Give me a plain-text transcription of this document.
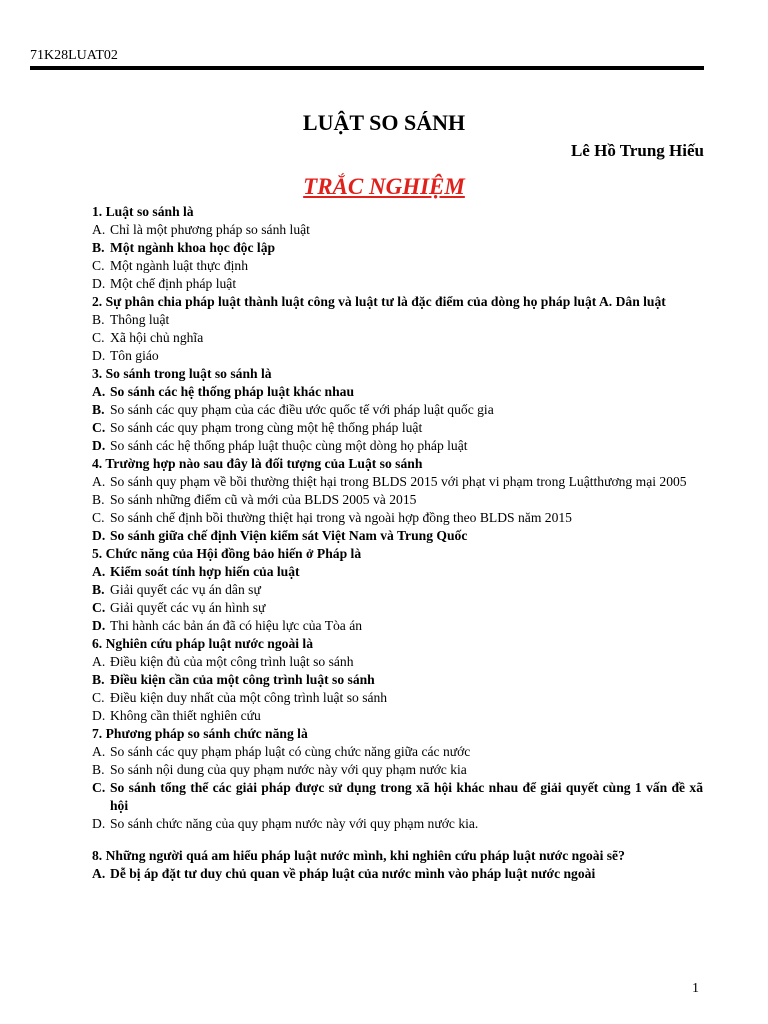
71K28LUAT02
LUẬT SO SÁNH
Lê Hồ Trung Hiếu
TRẮC NGHIỆM
1. Luật so sánh là
A. Chỉ là một phương pháp so sánh luật
B. Một ngành khoa học độc lập
C. Một ngành luật thực định
D. Một chế định pháp luật
2. Sự phân chia pháp luật thành luật công và luật tư là đặc điểm của dòng họ pháp luật A. Dân luật
B. Thông luật
C. Xã hội chủ nghĩa
D. Tôn giáo
3. So sánh trong luật so sánh là
A. So sánh các hệ thống pháp luật khác nhau
B. So sánh các quy phạm của các điều ước quốc tế với pháp luật quốc gia
C. So sánh các quy phạm trong cùng một hệ thống pháp luật
D. So sánh các hệ thống pháp luật thuộc cùng một dòng họ pháp luật
4. Trường hợp nào sau đây là đối tượng của Luật so sánh
A. So sánh quy phạm về bồi thường thiệt hại trong BLDS 2015 với phạt vi phạm trong Luậtthương mại 2005
B. So sánh những điểm cũ và mới của BLDS 2005 và 2015
C. So sánh chế định bồi thường thiệt hại trong và ngoài hợp đồng theo BLDS năm 2015
D. So sánh giữa chế định Viện kiểm sát Việt Nam và Trung Quốc
5. Chức năng của Hội đồng bảo hiến ở Pháp là
A. Kiểm soát tính hợp hiến của luật
B. Giải quyết các vụ án dân sự
C. Giải quyết các vụ án hình sự
D. Thi hành các bản án đã có hiệu lực của Tòa án
6. Nghiên cứu pháp luật nước ngoài là
A. Điều kiện đủ của một công trình luật so sánh
B. Điều kiện cần của một công trình luật so sánh
C. Điều kiện duy nhất của một công trình luật so sánh
D. Không cần thiết nghiên cứu
7. Phương pháp so sánh chức năng là
A. So sánh các quy phạm pháp luật có cùng chức năng giữa các nước
B. So sánh nội dung của quy phạm nước này với quy phạm nước kia
C. So sánh tổng thể các giải pháp được sử dụng trong xã hội khác nhau để giải quyết cùng 1 vấn đề xã hội
D. So sánh chức năng của quy phạm nước này với quy phạm nước kia.
8. Những người quá am hiểu pháp luật nước mình, khi nghiên cứu pháp luật nước ngoài sẽ?
A. Dễ bị áp đặt tư duy chủ quan về pháp luật của nước mình vào pháp luật nước ngoài
1
